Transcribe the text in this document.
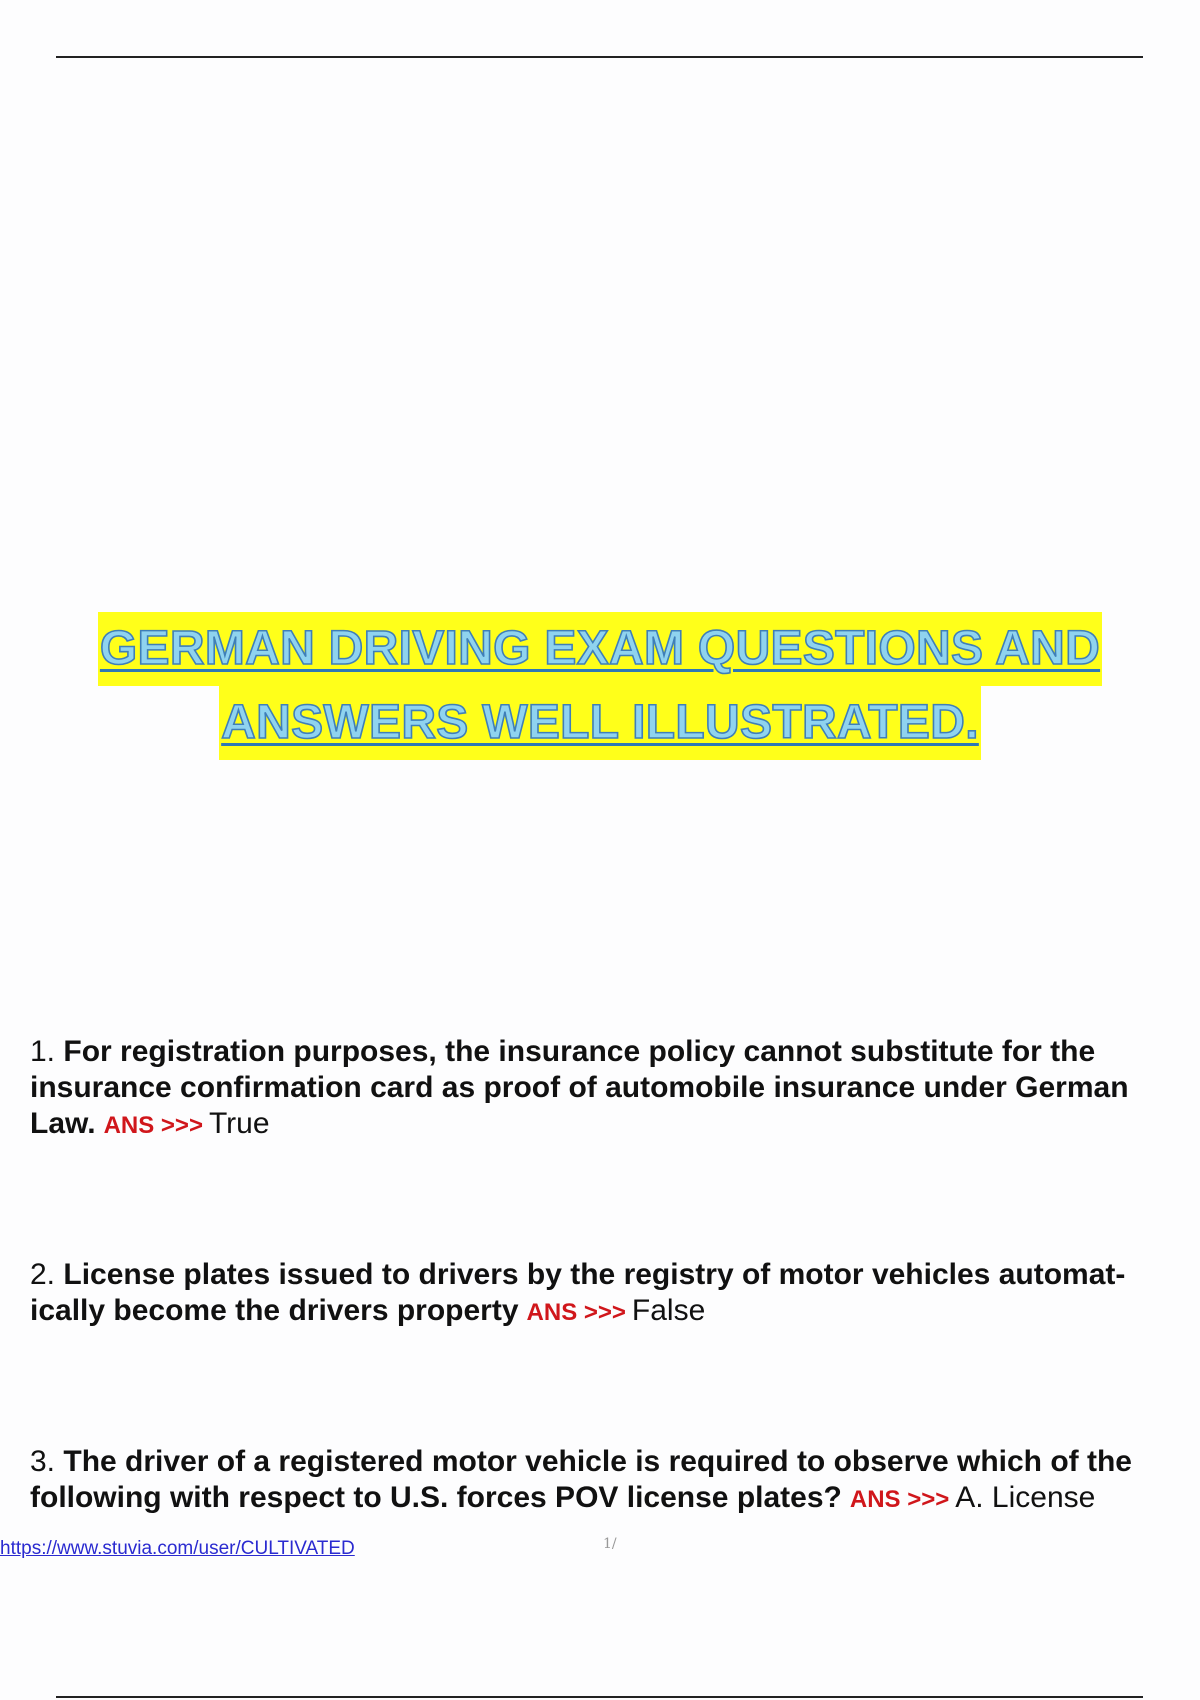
GERMAN DRIVING EXAM QUESTIONS AND
ANSWERS WELL ILLUSTRATED.
1. For registration purposes, the insurance policy cannot substitute for the
insurance confirmation card as proof of automobile insurance under German
Law. ANS >>> True
2. License plates issued to drivers by the registry of motor vehicles automat-
ically become the drivers property ANS >>> False
3. The driver of a registered motor vehicle is required to observe which of the
following with respect to U.S. forces POV license plates? ANS >>> A. License
https://www.stuvia.com/user/CULTIVATED	1/
